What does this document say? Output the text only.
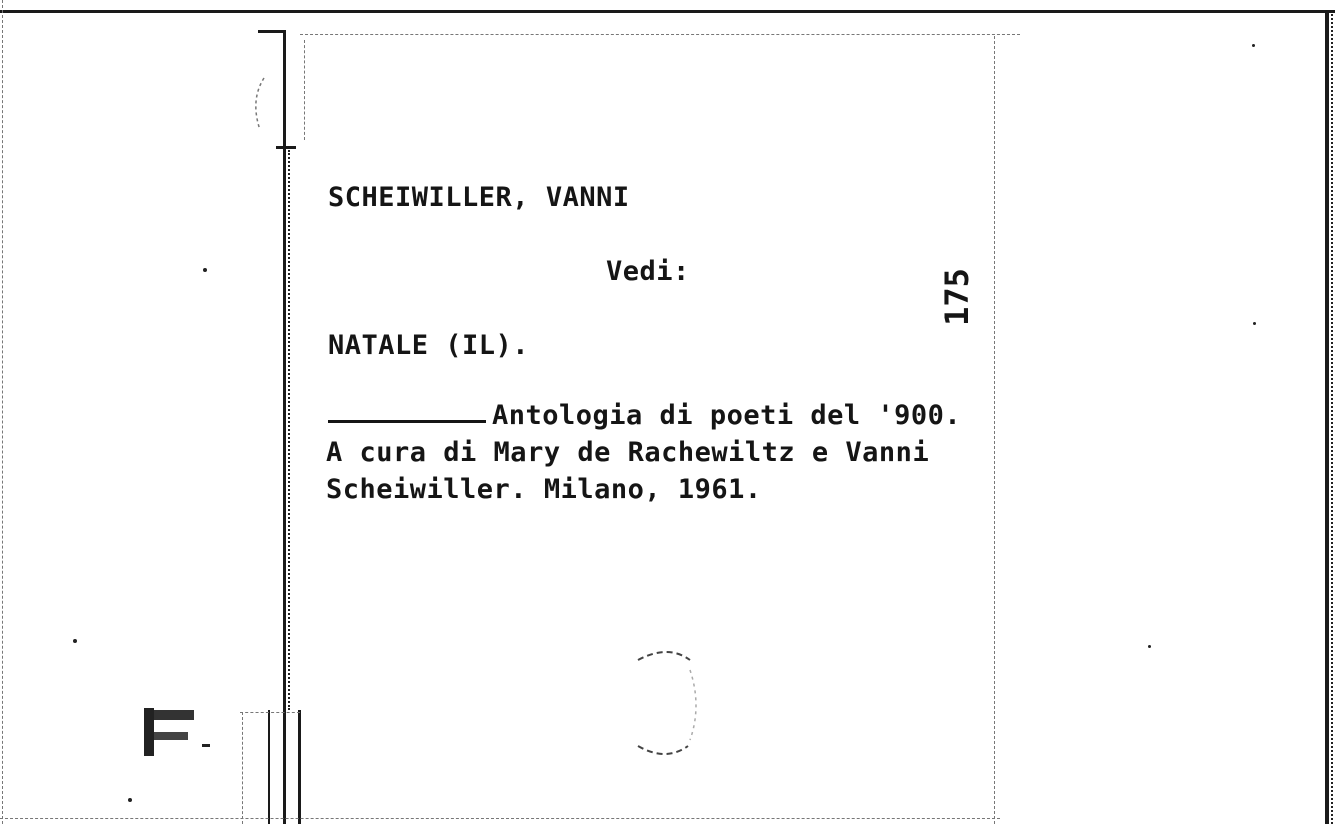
SCHEIWILLER, VANNI
Vedi:
NATALE (IL).
Antologia di poeti del '900.
A cura di Mary de Rachewiltz e Vanni
Scheiwiller. Milano, 1961.
175
